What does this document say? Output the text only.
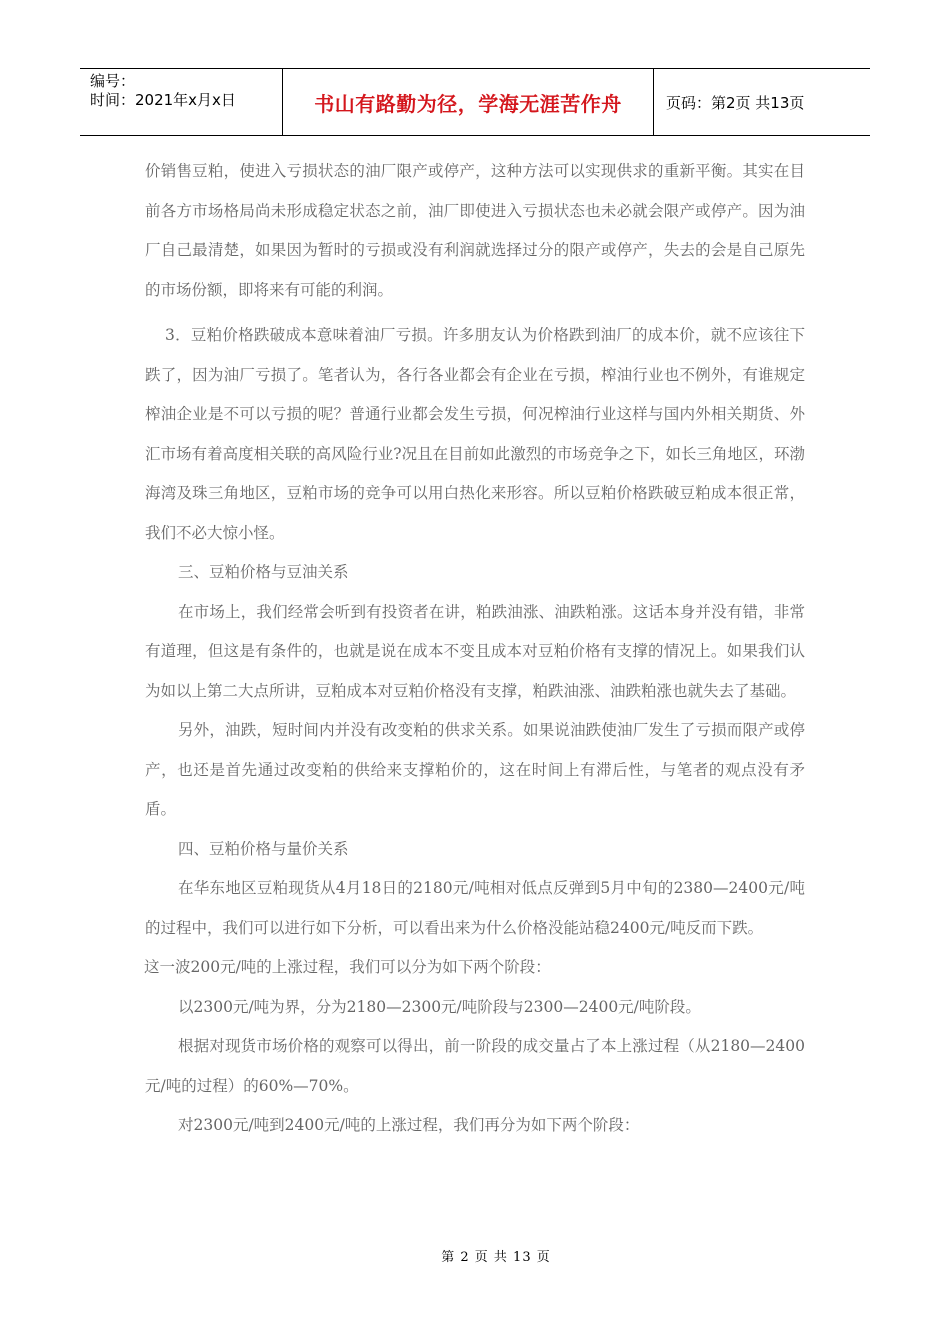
编号：
时间：2021年x月x日	书山有路勤为径，学海无涯苦作舟	页码：第2页 共13页

价销售豆粕，使进入亏损状态的油厂限产或停产，这种方法可以实现供求的重新平衡。其实在目前各方市场格局尚未形成稳定状态之前，油厂即使进入亏损状态也未必就会限产或停产。因为油厂自己最清楚，如果因为暂时的亏损或没有利润就选择过分的限产或停产，失去的会是自己原先的市场份额，即将来有可能的利润。

3．豆粕价格跌破成本意味着油厂亏损。许多朋友认为价格跌到油厂的成本价，就不应该往下跌了，因为油厂亏损了。笔者认为，各行各业都会有企业在亏损，榨油行业也不例外，有谁规定榨油企业是不可以亏损的呢？普通行业都会发生亏损，何况榨油行业这样与国内外相关期货、外汇市场有着高度相关联的高风险行业?况且在目前如此激烈的市场竞争之下，如长三角地区，环渤海湾及珠三角地区，豆粕市场的竞争可以用白热化来形容。所以豆粕价格跌破豆粕成本很正常，我们不必大惊小怪。

三、豆粕价格与豆油关系

在市场上，我们经常会听到有投资者在讲，粕跌油涨、油跌粕涨。这话本身并没有错，非常有道理，但这是有条件的，也就是说在成本不变且成本对豆粕价格有支撑的情况上。如果我们认为如以上第二大点所讲，豆粕成本对豆粕价格没有支撑，粕跌油涨、油跌粕涨也就失去了基础。

另外，油跌，短时间内并没有改变粕的供求关系。如果说油跌使油厂发生了亏损而限产或停产，也还是首先通过改变粕的供给来支撑粕价的，这在时间上有滞后性，与笔者的观点没有矛盾。

四、豆粕价格与量价关系

在华东地区豆粕现货从4月18日的2180元/吨相对低点反弹到5月中旬的2380—2400元/吨的过程中，我们可以进行如下分析，可以看出来为什么价格没能站稳2400元/吨反而下跌。

这一波200元/吨的上涨过程，我们可以分为如下两个阶段：

以2300元/吨为界，分为2180—2300元/吨阶段与2300—2400元/吨阶段。

根据对现货市场价格的观察可以得出，前一阶段的成交量占了本上涨过程（从2180—2400元/吨的过程）的60%—70%。

对2300元/吨到2400元/吨的上涨过程，我们再分为如下两个阶段：

第 2 页 共 13 页
